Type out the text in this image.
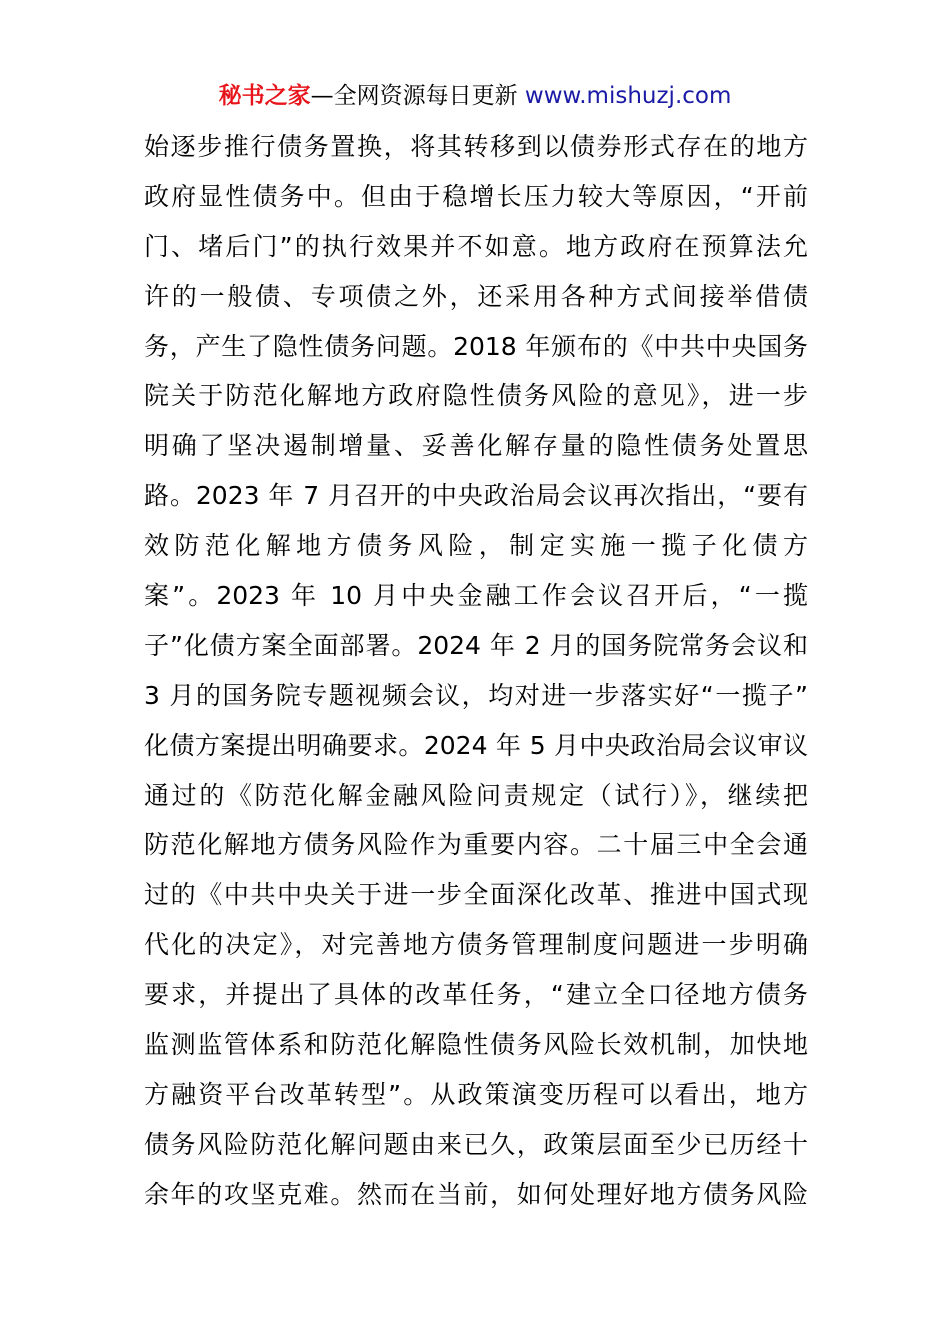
秘书之家—全网资源每日更新 www.mishuzj.com
始逐步推行债务置换，将其转移到以债券形式存在的地方
政府显性债务中。但由于稳增长压力较大等原因，“开前
门、堵后门”的执行效果并不如意。地方政府在预算法允
许的一般债、专项债之外，还采用各种方式间接举借债
务，产生了隐性债务问题。2018 年颁布的《中共中央国务
院关于防范化解地方政府隐性债务风险的意见》，进一步
明确了坚决遏制增量、妥善化解存量的隐性债务处置思
路。2023 年 7 月召开的中央政治局会议再次指出，“要有
效防范化解地方债务风险，制定实施一揽子化债方
案”。2023 年 10 月中央金融工作会议召开后，“一揽
子”化债方案全面部署。2024 年 2 月的国务院常务会议和
3 月的国务院专题视频会议，均对进一步落实好“一揽子”
化债方案提出明确要求。2024 年 5 月中央政治局会议审议
通过的《防范化解金融风险问责规定（试行）》，继续把
防范化解地方债务风险作为重要内容。二十届三中全会通
过的《中共中央关于进一步全面深化改革、推进中国式现
代化的决定》，对完善地方债务管理制度问题进一步明确
要求，并提出了具体的改革任务，“建立全口径地方债务
监测监管体系和防范化解隐性债务风险长效机制，加快地
方融资平台改革转型”。从政策演变历程可以看出，地方
债务风险防范化解问题由来已久，政策层面至少已历经十
余年的攻坚克难。然而在当前，如何处理好地方债务风险
